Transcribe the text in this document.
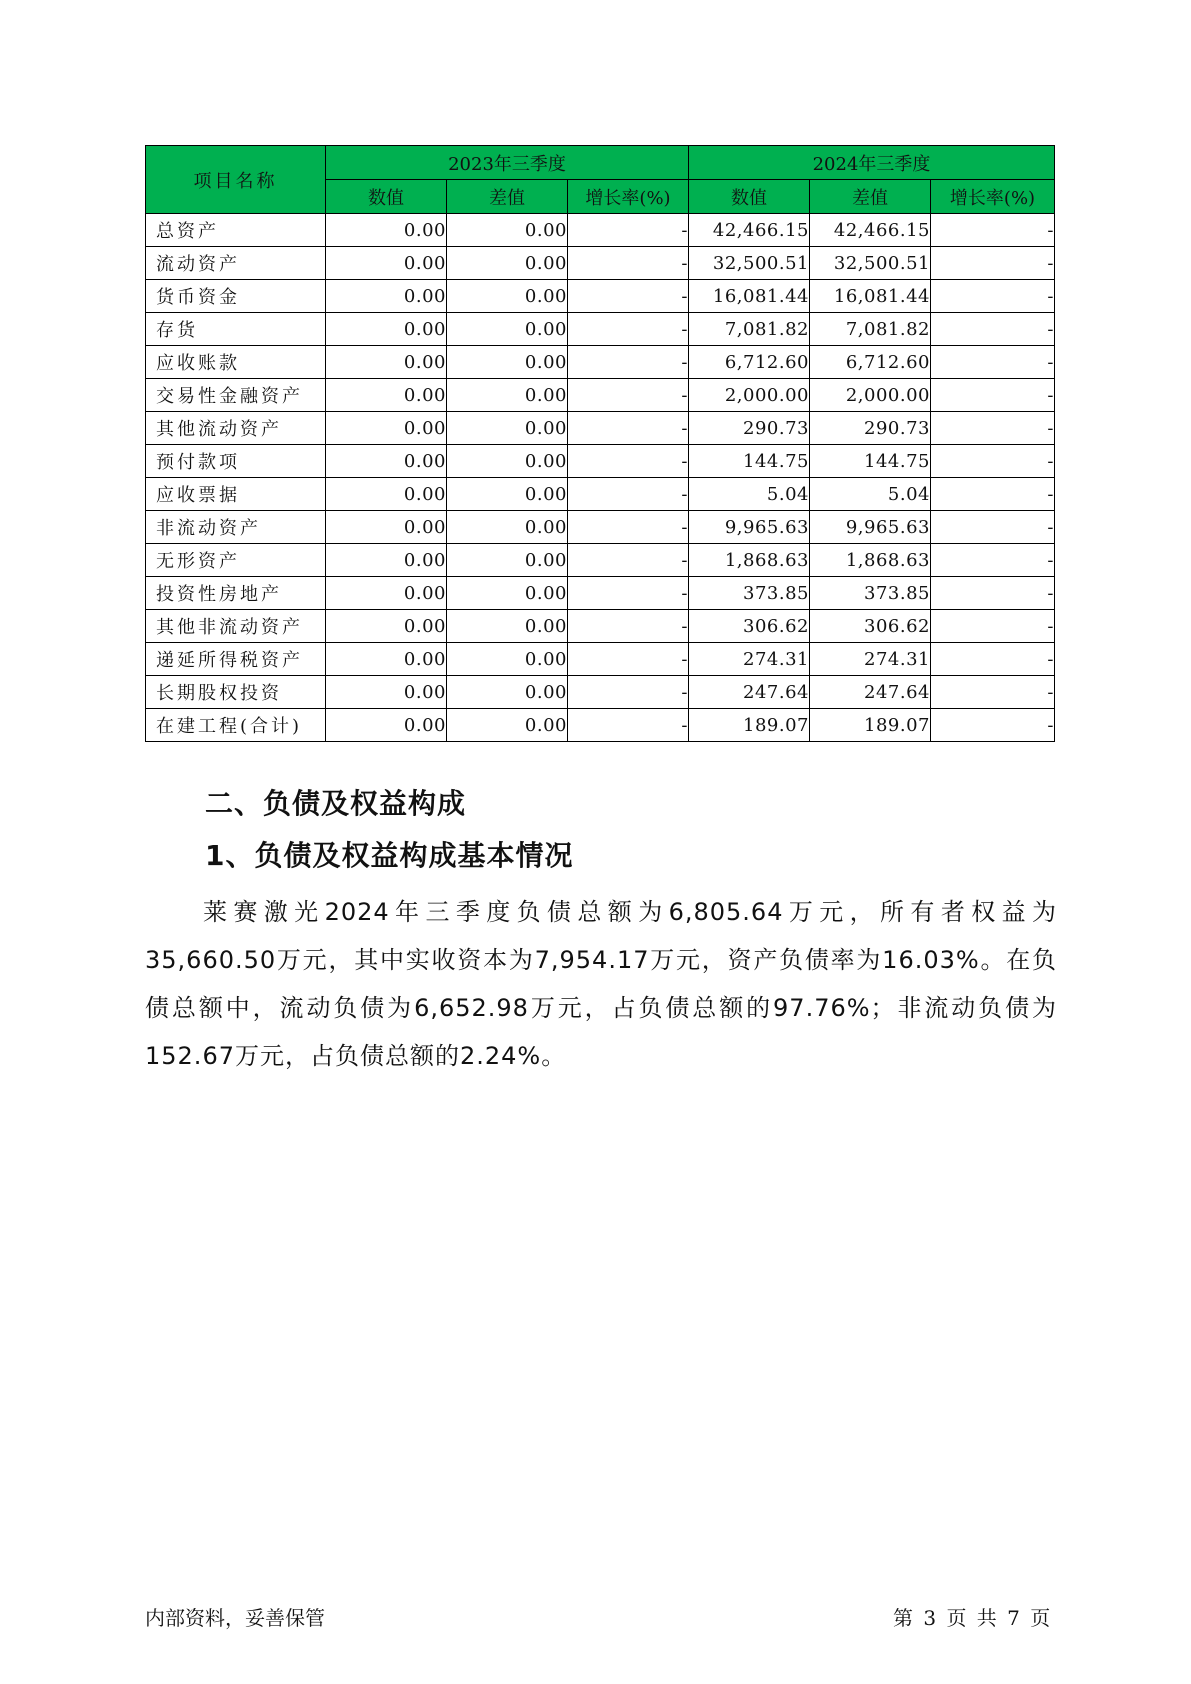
项目名称	2023年三季度			2024年三季度		
	数值	差值	增长率(%)	数值	差值	增长率(%)
总资产	0.00	0.00	-	42,466.15	42,466.15	-
流动资产	0.00	0.00	-	32,500.51	32,500.51	-
货币资金	0.00	0.00	-	16,081.44	16,081.44	-
存货	0.00	0.00	-	7,081.82	7,081.82	-
应收账款	0.00	0.00	-	6,712.60	6,712.60	-
交易性金融资产	0.00	0.00	-	2,000.00	2,000.00	-
其他流动资产	0.00	0.00	-	290.73	290.73	-
预付款项	0.00	0.00	-	144.75	144.75	-
应收票据	0.00	0.00	-	5.04	5.04	-
非流动资产	0.00	0.00	-	9,965.63	9,965.63	-
无形资产	0.00	0.00	-	1,868.63	1,868.63	-
投资性房地产	0.00	0.00	-	373.85	373.85	-
其他非流动资产	0.00	0.00	-	306.62	306.62	-
递延所得税资产	0.00	0.00	-	274.31	274.31	-
长期股权投资	0.00	0.00	-	247.64	247.64	-
在建工程(合计)	0.00	0.00	-	189.07	189.07	-
二、负债及权益构成
1、负债及权益构成基本情况
莱赛激光2024年三季度负债总额为6,805.64万元，所有者权益为35,660.50万元，其中实收资本为7,954.17万元，资产负债率为16.03%。在负债总额中，流动负债为6,652.98万元，占负债总额的97.76%；非流动负债为152.67万元，占负债总额的2.24%。
内部资料，妥善保管	第 3 页 共 7 页
